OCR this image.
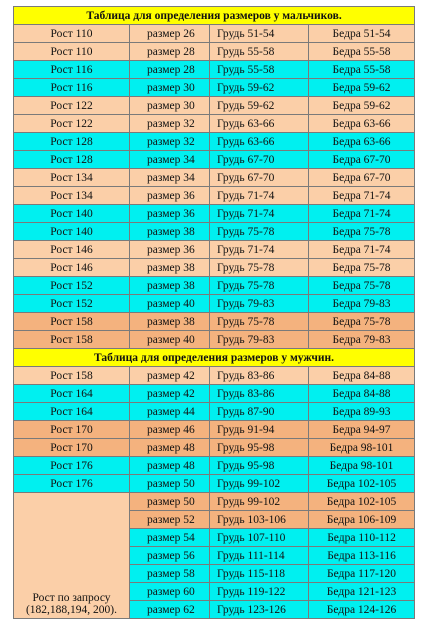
Таблица для определения размеров у мальчиков.			
Рост 110	размер 26	Грудь 51-54	Бедра 51-54
Рост 110	размер 28	Грудь 55-58	Бедра 55-58
Рост 116	размер 28	Грудь 55-58	Бедра 55-58
Рост 116	размер 30	Грудь 59-62	Бедра 59-62
Рост 122	размер 30	Грудь 59-62	Бедра 59-62
Рост 122	размер 32	Грудь 63-66	Бедра 63-66
Рост 128	размер 32	Грудь 63-66	Бедра 63-66
Рост 128	размер 34	Грудь 67-70	Бедра 67-70
Рост 134	размер 34	Грудь 67-70	Бедра 67-70
Рост 134	размер 36	Грудь 71-74	Бедра 71-74
Рост 140	размер 36	Грудь 71-74	Бедра 71-74
Рост 140	размер 38	Грудь 75-78	Бедра 75-78
Рост 146	размер 36	Грудь 71-74	Бедра 71-74
Рост 146	размер 38	Грудь 75-78	Бедра 75-78
Рост 152	размер 38	Грудь 75-78	Бедра 75-78
Рост 152	размер 40	Грудь 79-83	Бедра 79-83
Рост 158	размер 38	Грудь 75-78	Бедра 75-78
Рост 158	размер 40	Грудь 79-83	Бедра 79-83
Таблица для определения размеров у мужчин.			
Рост 158	размер 42	Грудь 83-86	Бедра 84-88
Рост 164	размер 42	Грудь 83-86	Бедра 84-88
Рост 164	размер 44	Грудь 87-90	Бедра 89-93
Рост 170	размер 46	Грудь 91-94	Бедра 94-97
Рост 170	размер 48	Грудь 95-98	Бедра 98-101
Рост 176	размер 48	Грудь 95-98	Бедра 98-101
Рост 176	размер 50	Грудь 99-102	Бедра 102-105
Рост по запросу (182,188,194, 200).	размер 50	Грудь 99-102	Бедра 102-105
	размер 52	Грудь 103-106	Бедра 106-109
	размер 54	Грудь 107-110	Бедра 110-112
	размер 56	Грудь 111-114	Бедра 113-116
	размер 58	Грудь 115-118	Бедра 117-120
	размер 60	Грудь 119-122	Бедра 121-123
	размер 62	Грудь 123-126	Бедра 124-126
